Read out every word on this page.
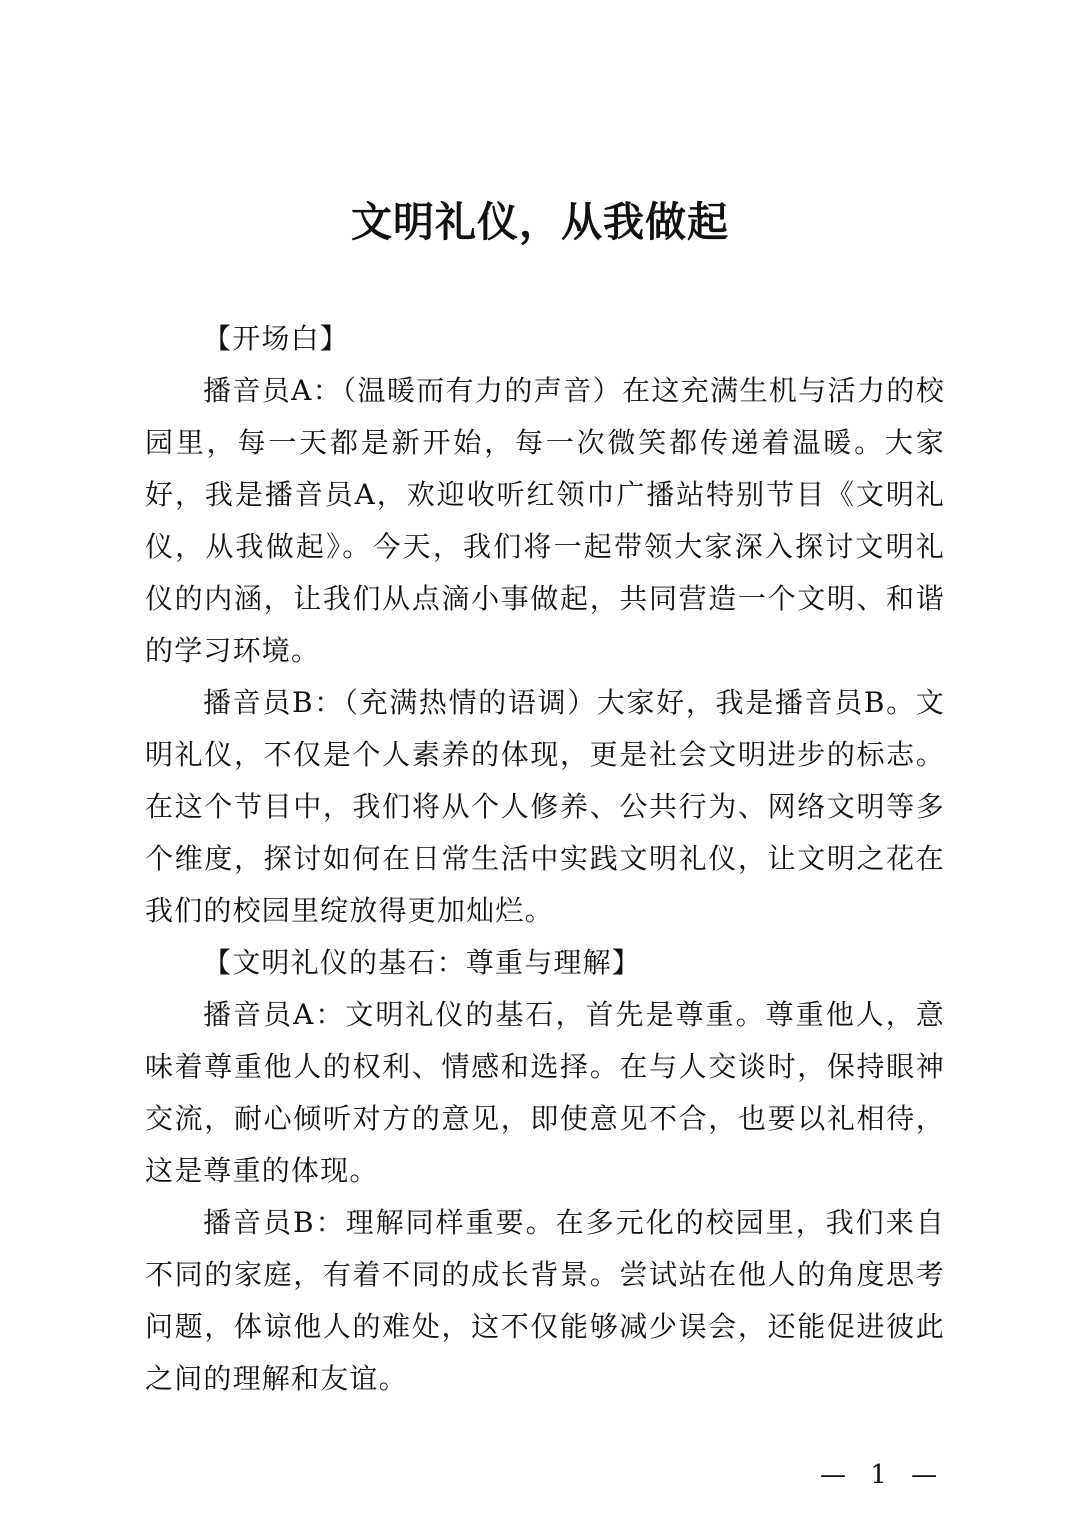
文明礼仪，从我做起

【开场白】

播音员A：（温暖而有力的声音）在这充满生机与活力的校园里，每一天都是新开始，每一次微笑都传递着温暖。大家好，我是播音员A，欢迎收听红领巾广播站特别节目《文明礼仪，从我做起》。今天，我们将一起带领大家深入探讨文明礼仪的内涵，让我们从点滴小事做起，共同营造一个文明、和谐的学习环境。

播音员B：（充满热情的语调）大家好，我是播音员B。文明礼仪，不仅是个人素养的体现，更是社会文明进步的标志。在这个节目中，我们将从个人修养、公共行为、网络文明等多个维度，探讨如何在日常生活中实践文明礼仪，让文明之花在我们的校园里绽放得更加灿烂。

【文明礼仪的基石：尊重与理解】

播音员A：文明礼仪的基石，首先是尊重。尊重他人，意味着尊重他人的权利、情感和选择。在与人交谈时，保持眼神交流，耐心倾听对方的意见，即使意见不合，也要以礼相待，这是尊重的体现。

播音员B：理解同样重要。在多元化的校园里，我们来自不同的家庭，有着不同的成长背景。尝试站在他人的角度思考问题，体谅他人的难处，这不仅能够减少误会，还能促进彼此之间的理解和友谊。

— 1 —
